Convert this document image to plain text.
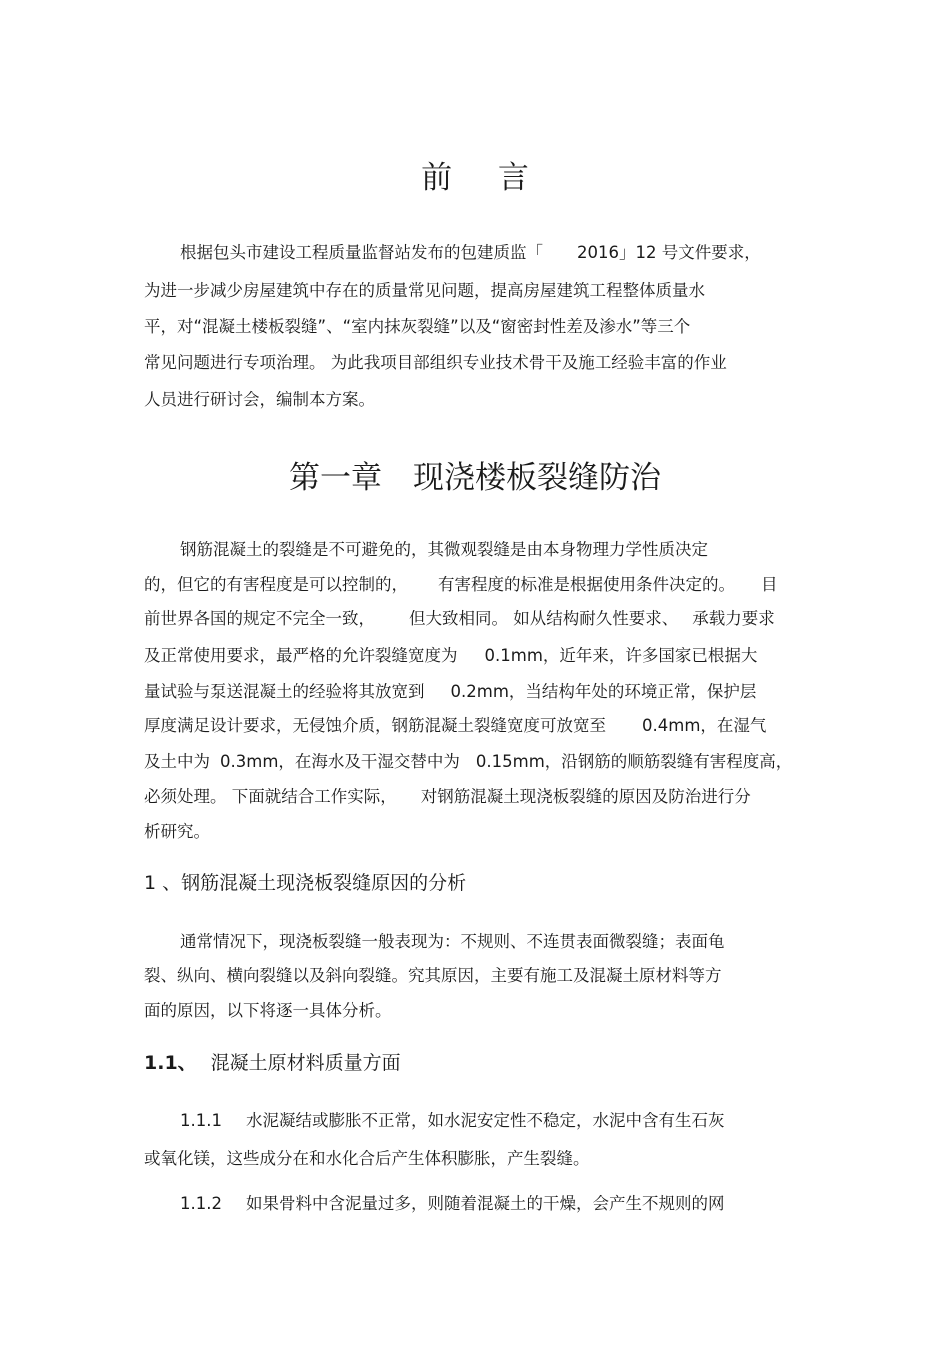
前 言
根据包头市建设工程质量监督站发布的包建质监「 2016」12 号文件要求，
为进一步减少房屋建筑中存在的质量常见问题，提高房屋建筑工程整体质量水
平，对“混凝土楼板裂缝”、“室内抹灰裂缝”以及“窗密封性差及渗水”等三个
常见问题进行专项治理。 为此我项目部组织专业技术骨干及施工经验丰富的作业
人员进行研讨会，编制本方案。
第一章　现浇楼板裂缝防治
钢筋混凝土的裂缝是不可避免的，其微观裂缝是由本身物理力学性质决定
的，但它的有害程度是可以控制的， 有害程度的标准是根据使用条件决定的。 目
前世界各国的规定不完全一致， 但大致相同。 如从结构耐久性要求、 承载力要求
及正常使用要求，最严格的允许裂缝宽度为 0.1mm，近年来，许多国家已根据大
量试验与泵送混凝土的经验将其放宽到 0.2mm，当结构年处的环境正常，保护层
厚度满足设计要求，无侵蚀介质，钢筋混凝土裂缝宽度可放宽至 0.4mm，在湿气
及土中为 0.3mm，在海水及干湿交替中为 0.15mm，沿钢筋的顺筋裂缝有害程度高，
必须处理。 下面就结合工作实际， 对钢筋混凝土现浇板裂缝的原因及防治进行分
析研究。
1 、钢筋混凝土现浇板裂缝原因的分析
通常情况下，现浇板裂缝一般表现为：不规则、不连贯表面微裂缝；表面龟
裂、纵向、横向裂缝以及斜向裂缝。究其原因，主要有施工及混凝土原材料等方
面的原因，以下将逐一具体分析。
1.1、 混凝土原材料质量方面
1.1.1 水泥凝结或膨胀不正常，如水泥安定性不稳定，水泥中含有生石灰
或氧化镁，这些成分在和水化合后产生体积膨胀，产生裂缝。
1.1.2 如果骨料中含泥量过多，则随着混凝土的干燥，会产生不规则的网
